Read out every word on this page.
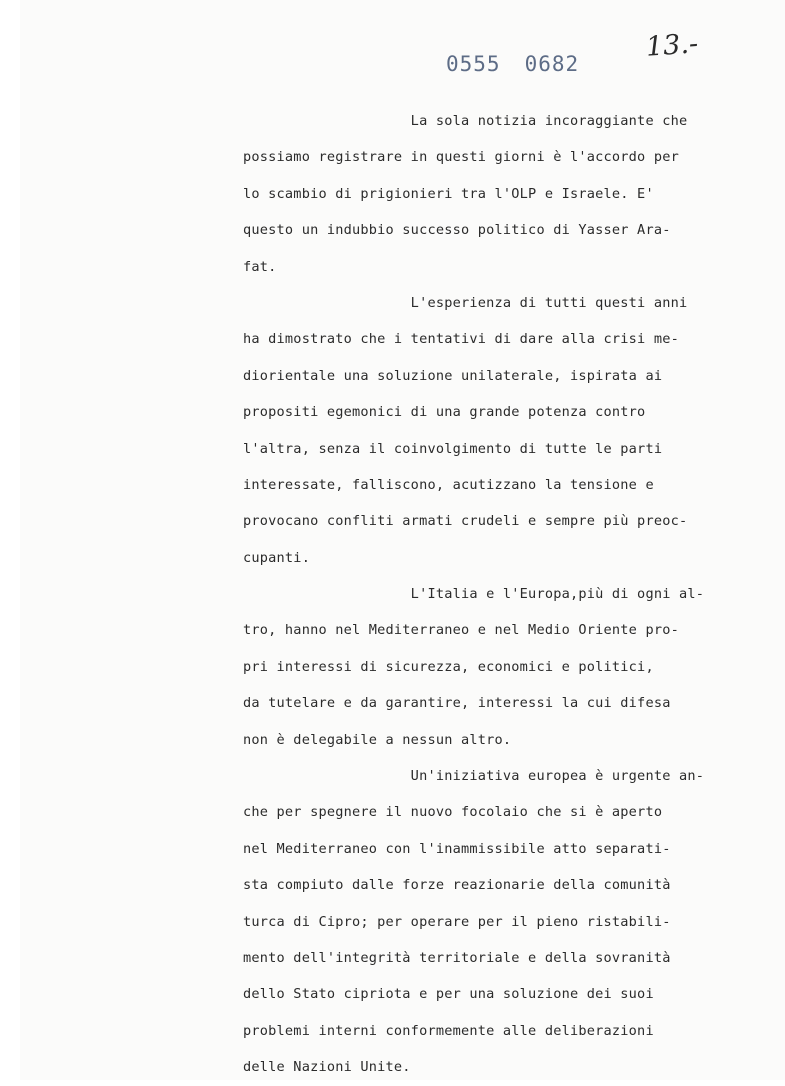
0555 0682
13.-
La sola notizia incoraggiante che
possiamo registrare in questi giorni è l'accordo per
lo scambio di prigionieri tra l'OLP e Israele. E'
questo un indubbio successo politico di Yasser Ara-
fat.
L'esperienza di tutti questi anni
ha dimostrato che i tentativi di dare alla crisi me-
diorientale una soluzione unilaterale, ispirata ai
propositi egemonici di una grande potenza contro
l'altra, senza il coinvolgimento di tutte le parti
interessate, falliscono, acutizzano la tensione e
provocano confliti armati crudeli e sempre più preoc-
cupanti.
L'Italia e l'Europa,più di ogni al-
tro, hanno nel Mediterraneo e nel Medio Oriente pro-
pri interessi di sicurezza, economici e politici,
da tutelare e da garantire, interessi la cui difesa
non è delegabile a nessun altro.
Un'iniziativa europea è urgente an-
che per spegnere il nuovo focolaio che si è aperto
nel Mediterraneo con l'inammissibile atto separati-
sta compiuto dalle forze reazionarie della comunità
turca di Cipro; per operare per il pieno ristabili-
mento dell'integrità territoriale e della sovranità
dello Stato cipriota e per una soluzione dei suoi
problemi interni conformemente alle deliberazioni
delle Nazioni Unite.
